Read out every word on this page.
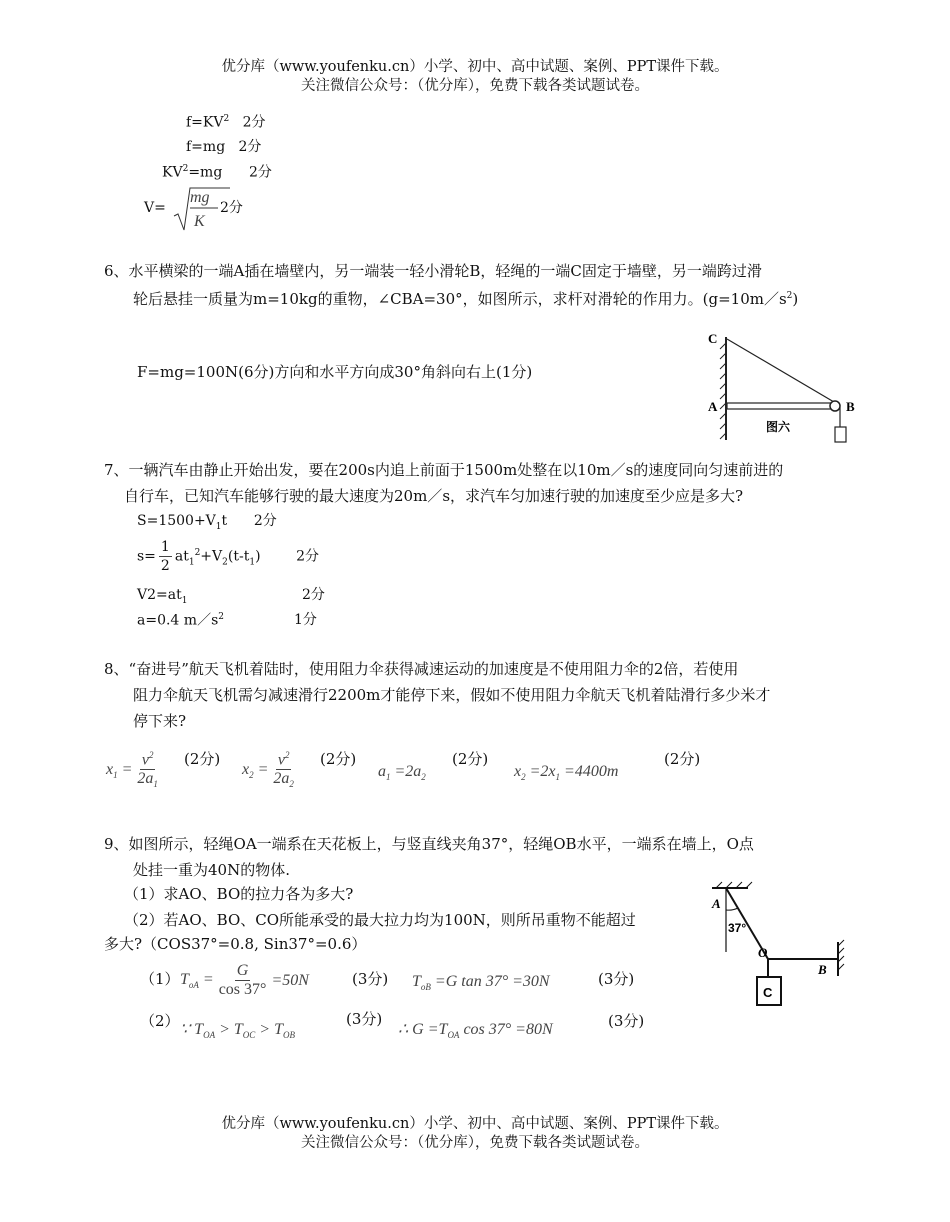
优分库（www.youfenku.cn）小学、初中、高中试题、案例、PPT课件下载。
关注微信公众号：（优分库），免费下载各类试题试卷。
$f=KV^2$ 2分
f=mg 2分
$KV^2=mg$ 2分
V=
mg
K
2分
6、水平横梁的一端A插在墙壁内，另一端装一轻小滑轮B，轻绳的一端C固定于墙壁，另一端跨过滑
轮后悬挂一质量为m=10kg的重物，∠CBA=30°，如图所示，求杆对滑轮的作用力。$(g=10m/s^2)$
F=mg=100N(6分)方向和水平方向成30°角斜向右上(1分)
C
A	B
图六
7、一辆汽车由静止开始出发，要在200s内追上前面于1500m处整在以10m／s的速度同向匀速前进的
自行车，已知汽车能够行驶的最大速度为20m／s，求汽车匀加速行驶的加速度至少应是多大?
$S=1500+V_1t$ 2分
$s= \frac{1}{2} at_1^2+V_2(t-t_1)$	2分
$V2=at_1$	2分
a=0.4 $m/s^2$	1分
8、“奋进号”航天飞机着陆时，使用阻力伞获得减速运动的加速度是不使用阻力伞的2倍，若使用
阻力伞航天飞机需匀减速滑行2200m才能停下来，假如不使用阻力伞航天飞机着陆滑行多少米才
停下来?
$x_1 = \frac{v^2}{2a_1} (2$分)
$x_2 = \frac{v^2}{2a_2} (2$分)
$a_1 =2a_2$
(2分)
$x_2 =2x_1 =4400m$
(2分)
9、如图所示，轻绳OA一端系在天花板上，与竖直线夹角37°，轻绳OB水平，一端系在墙上，O点
处挂一重为40N的物体.
（1）求AO、BO的拉力各为多大?
（2）若AO、BO、CO所能承受的最大拉力均为100N，则所吊重物不能超过
多大?（COS37°=0.8, Sin37°=0.6）
（1） $T_{oA} = \frac{G}{\cos 37^\circ} =50N$	(3分) $T_{oB} =G$ tan 37° =30N	(3分)
（2） ∵ $T_{OA} > T_{OC} > T_{OB}$
(3分)
∴ $G =T_{OA}$ cos 37° =80N	(3分)
A
37°
O
B
C
优分库（www.youfenku.cn）小学、初中、高中试题、案例、PPT课件下载。
关注微信公众号：（优分库），免费下载各类试题试卷。
